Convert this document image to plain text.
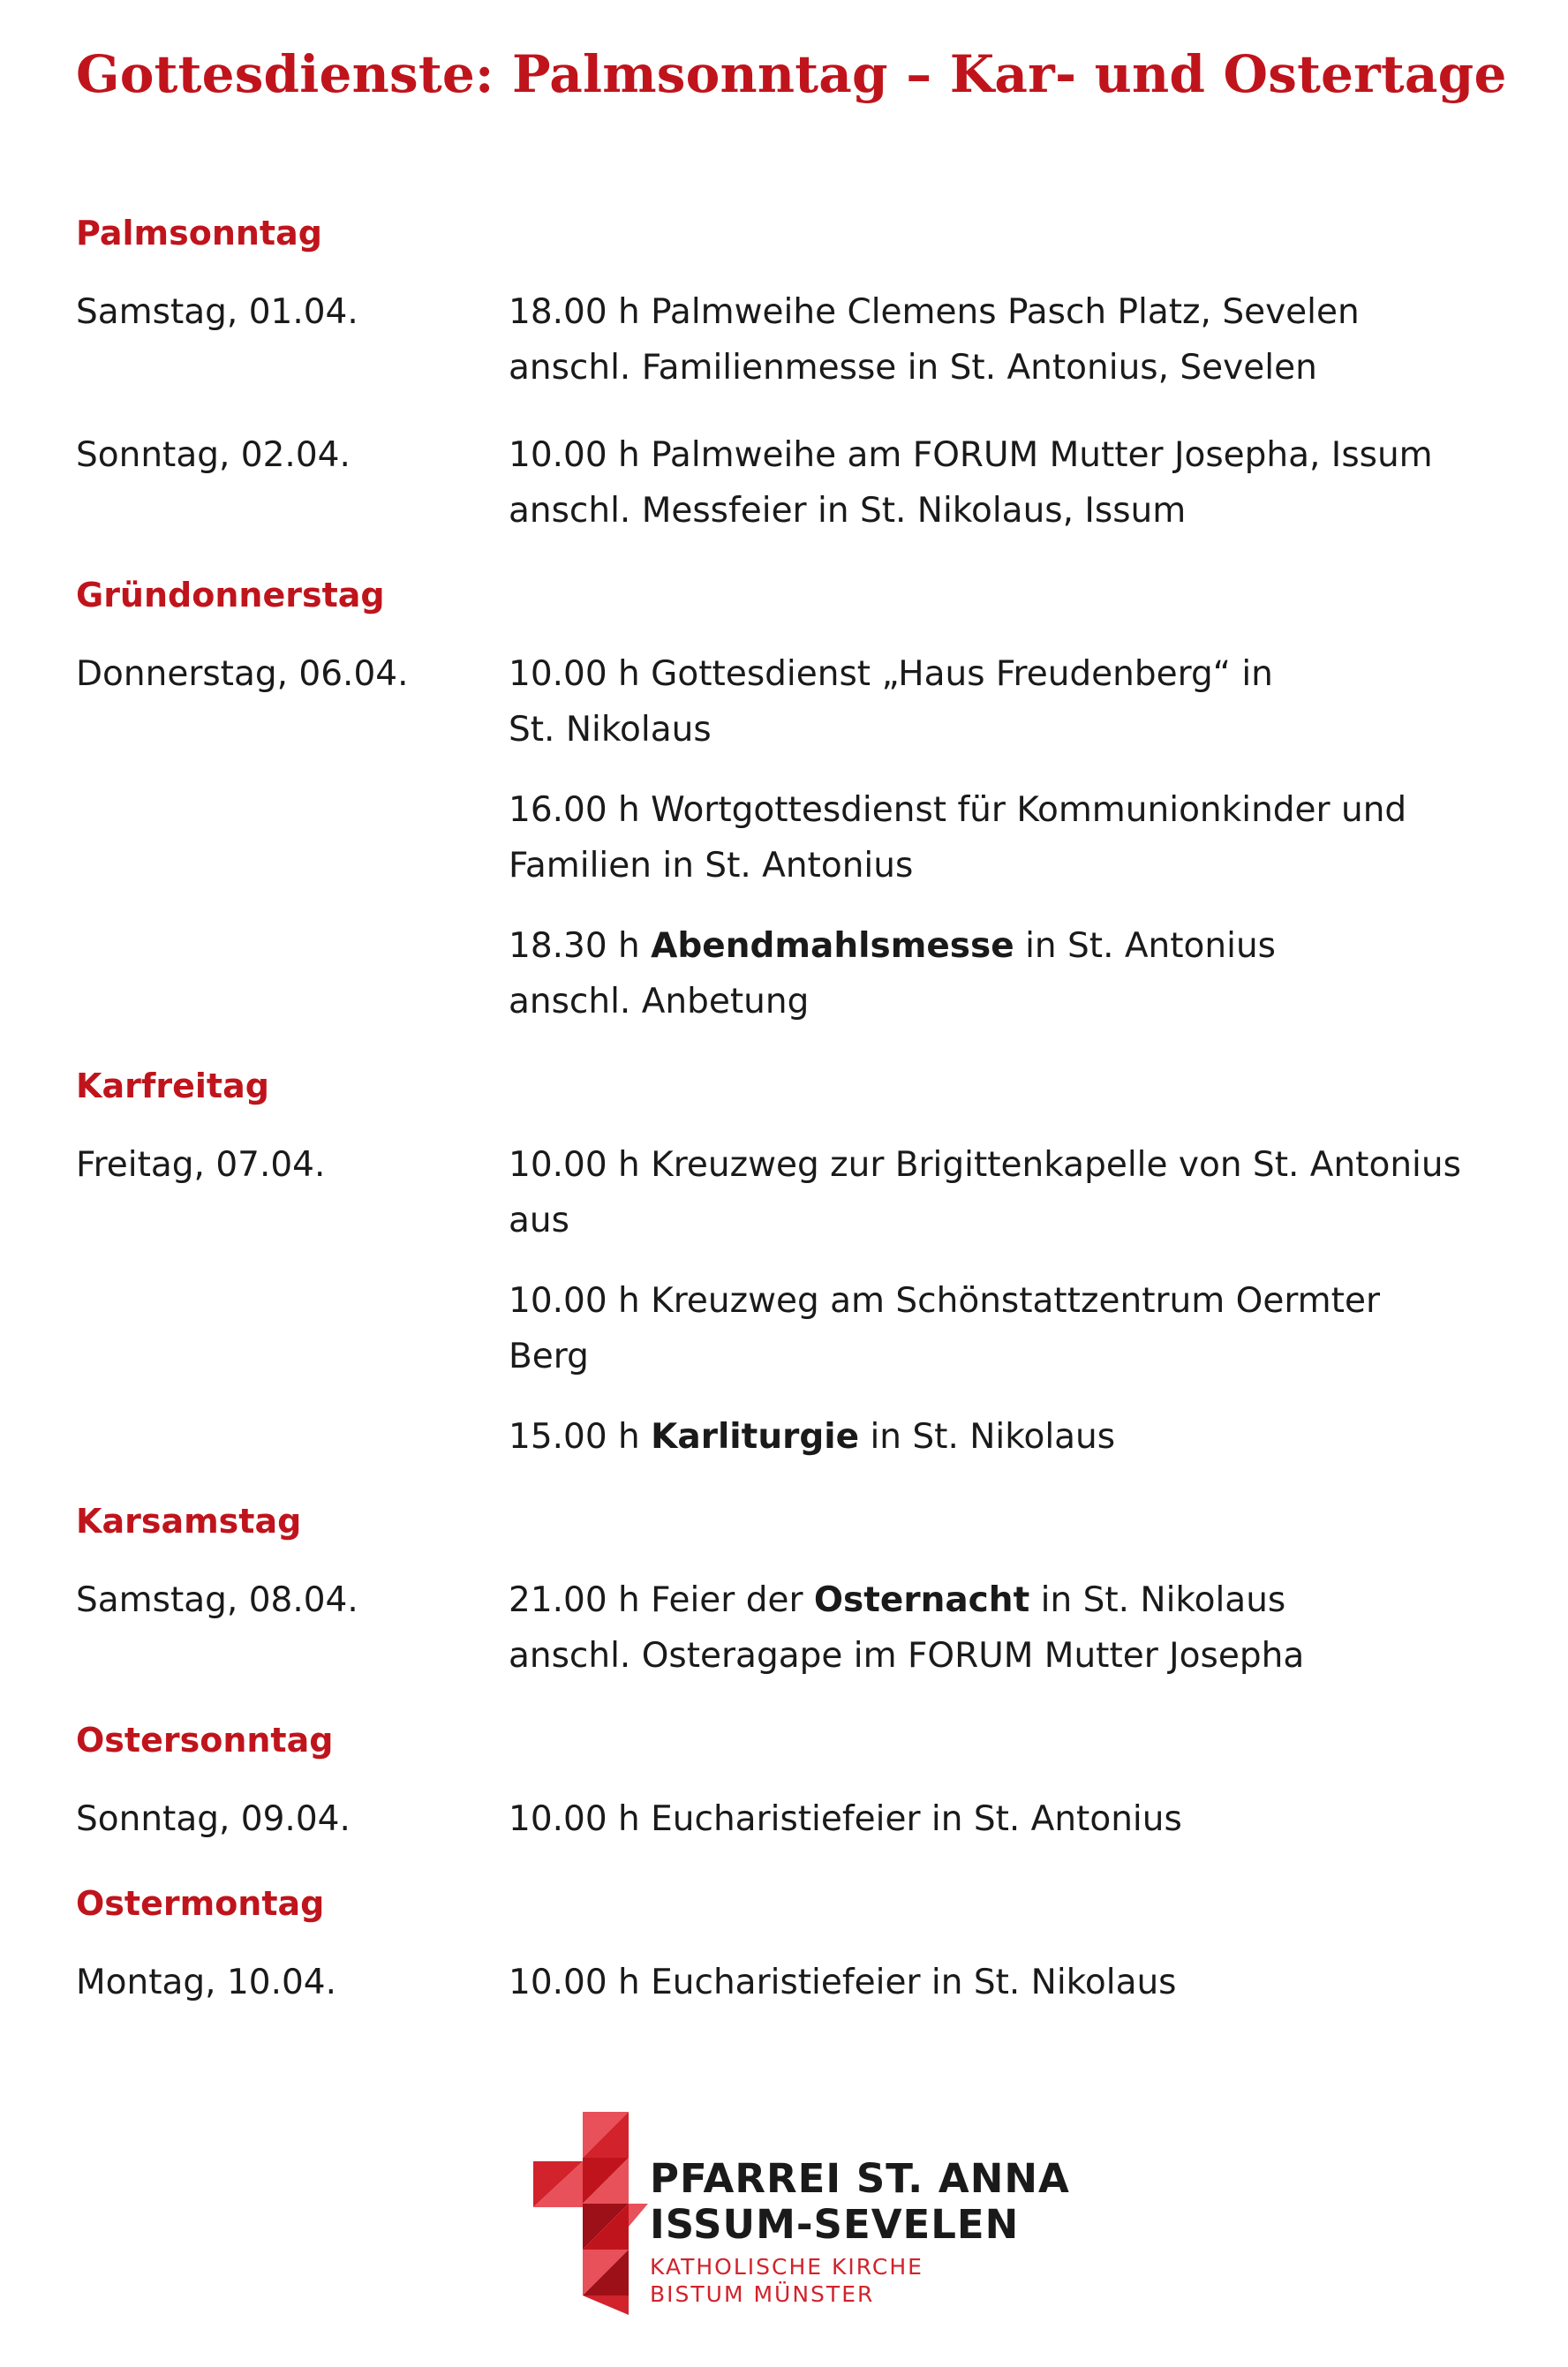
Gottesdienste: Palmsonntag – Kar- und Ostertage
Palmsonntag
Samstag, 01.04.	18.00 h Palmweihe Clemens Pasch Platz, Sevelen
anschl. Familienmesse in St. Antonius, Sevelen
Sonntag, 02.04.	10.00 h Palmweihe am FORUM Mutter Josepha, Issum
anschl. Messfeier in St. Nikolaus, Issum
Gründonnerstag
Donnerstag, 06.04.	10.00 h Gottesdienst „Haus Freudenberg“ in
St. Nikolaus
16.00 h Wortgottesdienst für Kommunionkinder und
Familien in St. Antonius
18.30 h Abendmahlsmesse in St. Antonius
anschl. Anbetung
Karfreitag
Freitag, 07.04.	10.00 h Kreuzweg zur Brigittenkapelle von St. Antonius
aus
10.00 h Kreuzweg am Schönstattzentrum Oermter
Berg
15.00 h Karliturgie in St. Nikolaus
Karsamstag
Samstag, 08.04.	21.00 h Feier der Osternacht in St. Nikolaus
anschl. Osteragape im FORUM Mutter Josepha
Ostersonntag
Sonntag, 09.04.	10.00 h Eucharistiefeier in St. Antonius
Ostermontag
Montag, 10.04.	10.00 h Eucharistiefeier in St. Nikolaus
PFARREI ST. ANNA
ISSUM-SEVELEN
KATHOLISCHE KIRCHE
BISTUM MÜNSTER
